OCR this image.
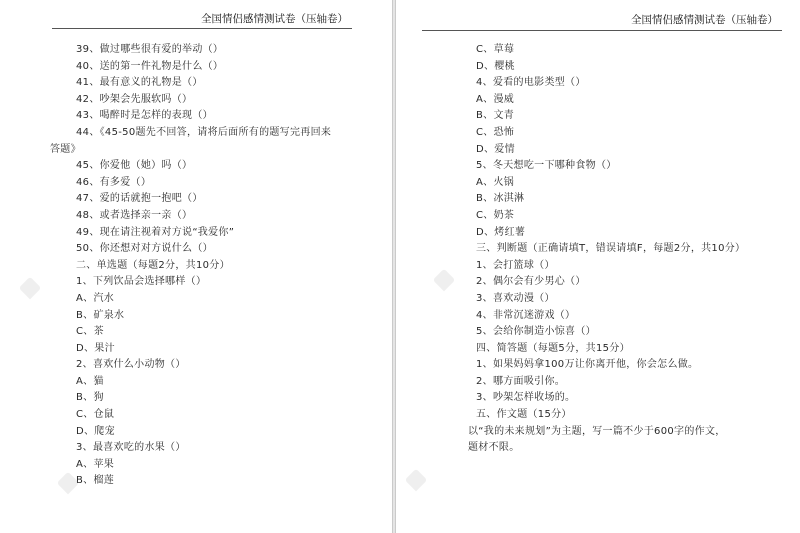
全国情侣感情测试卷（压轴卷）
39、做过哪些很有爱的举动（）
40、送的第一件礼物是什么（）
41、最有意义的礼物是（）
42、吵架会先服软吗（）
43、喝醉时是怎样的表现（）
44、《45-50题先不回答，请将后面所有的题写完再回来
答题》
45、你爱他（她）吗（）
46、有多爱（）
47、爱的话就抱一抱吧（）
48、或者选择亲一亲（）
49、现在请注视着对方说“我爱你”
50、你还想对对方说什么（）
二、单选题（每题2分，共10分）
1、下列饮品会选择哪样（）
A、汽水
B、矿泉水
C、茶
D、果汁
2、喜欢什么小动物（）
A、猫
B、狗
C、仓鼠
D、爬宠
3、最喜欢吃的水果（）
A、苹果
B、榴莲
全国情侣感情测试卷（压轴卷）
C、草莓
D、樱桃
4、爱看的电影类型（）
A、漫威
B、文青
C、恐怖
D、爱情
5、冬天想吃一下哪种食物（）
A、火锅
B、冰淇淋
C、奶茶
D、烤红薯
三、判断题（正确请填T，错误请填F，每题2分，共10分）
1、会打篮球（）
2、偶尔会有少男心（）
3、喜欢动漫（）
4、非常沉迷游戏（）
5、会给你制造小惊喜（）
四、简答题（每题5分，共15分）
1、如果妈妈拿100万让你离开他，你会怎么做。
2、哪方面吸引你。
3、吵架怎样收场的。
五、作文题（15分）
以“我的未来规划”为主题，写一篇不少于600字的作文，
题材不限。
